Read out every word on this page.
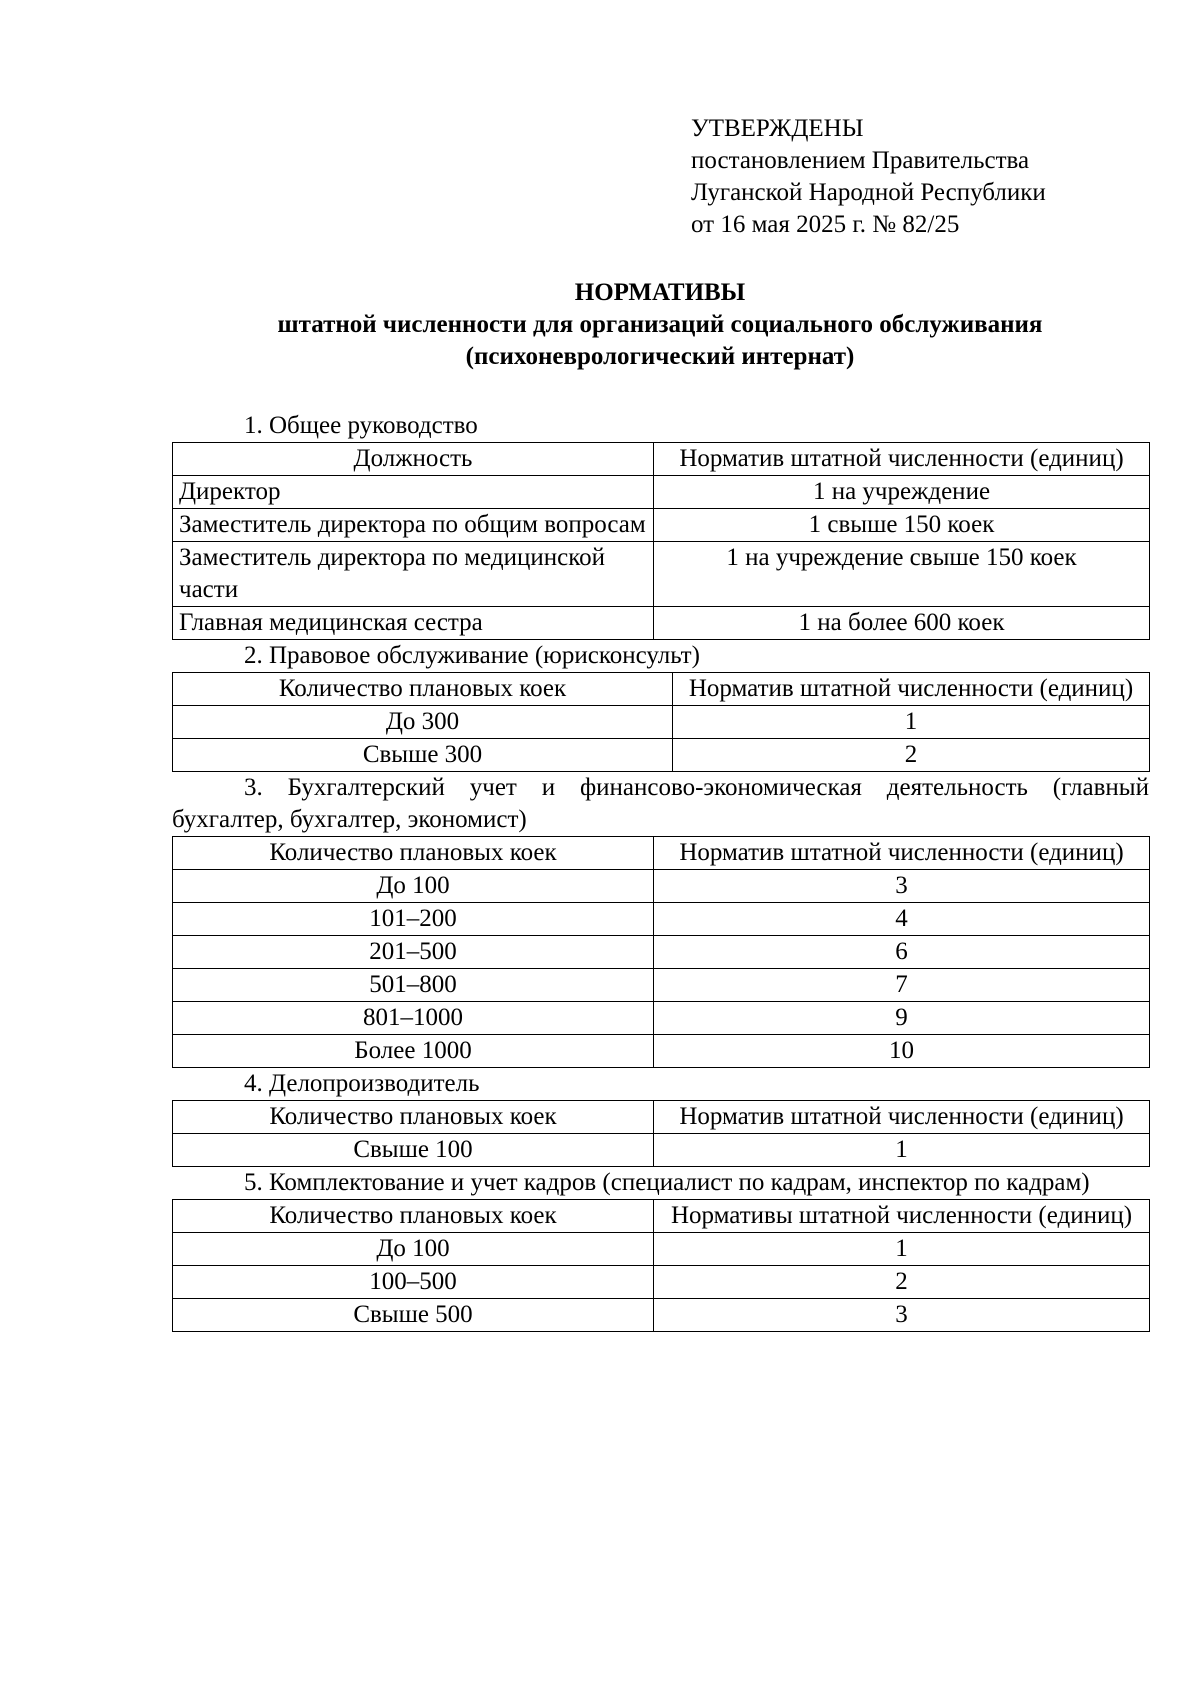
УТВЕРЖДЕНЫ
постановлением Правительства
Луганской Народной Республики
от 16 мая 2025 г. № 82/25
НОРМАТИВЫ
штатной численности для организаций социального обслуживания
(психоневрологический интернат)
1. Общее руководство
Должность	Норматив штатной численности (единиц)
Директор	1 на учреждение
Заместитель директора по общим вопросам	1 свыше 150 коек
Заместитель директора по медицинской части	1 на учреждение свыше 150 коек
Главная медицинская сестра	1 на более 600 коек
2. Правовое обслуживание (юрисконсульт)
Количество плановых коек	Норматив штатной численности (единиц)
До 300	1
Свыше 300	2
3. Бухгалтерский учет и финансово-экономическая деятельность (главный бухгалтер, бухгалтер, экономист)
Количество плановых коек	Норматив штатной численности (единиц)
До 100	3
101–200	4
201–500	6
501–800	7
801–1000	9
Более 1000	10
4. Делопроизводитель
Количество плановых коек	Норматив штатной численности (единиц)
Свыше 100	1
5. Комплектование и учет кадров (специалист по кадрам, инспектор по кадрам)
Количество плановых коек	Нормативы штатной численности (единиц)
До 100	1
100–500	2
Свыше 500	3
